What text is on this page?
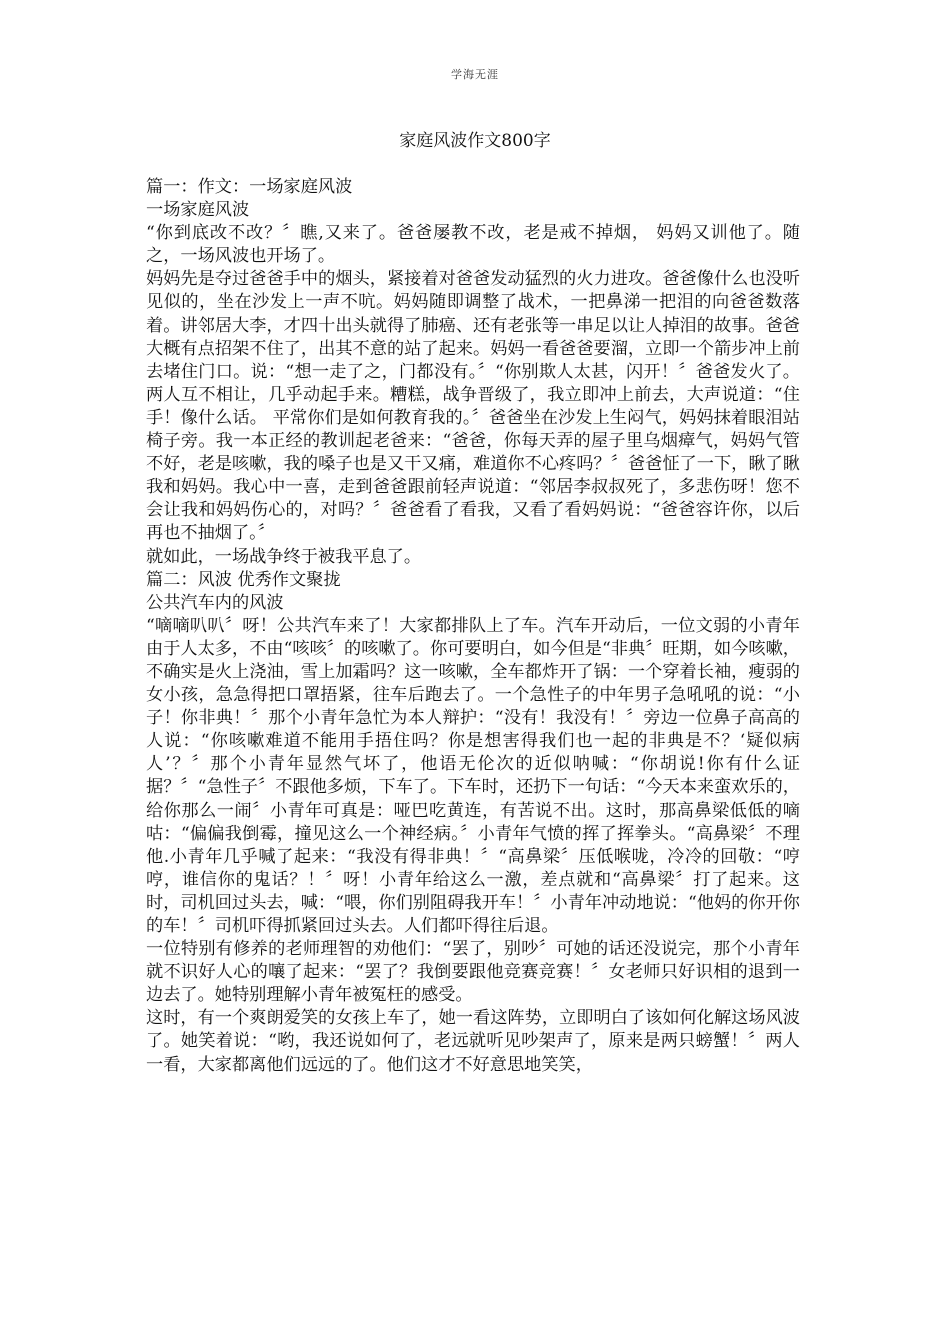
学海无涯
家庭风波作文800字

篇一：作文：一场家庭风波

一场家庭风波

“你到底改不改？〞瞧,又来了。爸爸屡教不改，老是戒不掉烟， 妈妈又训他了。随之，一场风波也开场了。

妈妈先是夺过爸爸手中的烟头，紧接着对爸爸发动猛烈的火力进攻。爸爸像什么也没听见似的，坐在沙发上一声不吭。妈妈随即调整了战术，一把鼻涕一把泪的向爸爸数落着。讲邻居大李，才四十出头就得了肺癌、还有老张等一串足以让人掉泪的故事。爸爸大概有点招架不住了，出其不意的站了起来。妈妈一看爸爸要溜，立即一个箭步冲上前去堵住门口。说：“想一走了之，门都没有。〞“你别欺人太甚，闪开！〞爸爸发火了。两人互不相让，几乎动起手来。糟糕，战争晋级了，我立即冲上前去，大声说道：“住手！像什么话。 平常你们是如何教育我的。〞爸爸坐在沙发上生闷气，妈妈抹着眼泪站椅子旁。我一本正经的教训起老爸来：“爸爸，你每天弄的屋子里乌烟瘴气，妈妈气管不好，老是咳嗽，我的嗓子也是又干又痛，难道你不心疼吗？〞爸爸怔了一下，瞅了瞅我和妈妈。我心中一喜，走到爸爸跟前轻声说道：“邻居李叔叔死了，多悲伤呀！您不会让我和妈妈伤心的，对吗？〞爸爸看了看我，又看了看妈妈说：“爸爸容许你，以后再也不抽烟了。〞

就如此，一场战争终于被我平息了。

篇二：风波 优秀作文聚拢

公共汽车内的风波

“嘀嘀叭叭〞呀！公共汽车来了！大家都排队上了车。汽车开动后，一位文弱的小青年由于人太多，不由“咳咳〞的咳嗽了。你可要明白，如今但是“非典〞旺期，如今咳嗽，不确实是火上浇油，雪上加霜吗？这一咳嗽，全车都炸开了锅：一个穿着长袖，瘦弱的女小孩，急急得把口罩捂紧，往车后跑去了。一个急性子的中年男子急吼吼的说：“小子！你非典！〞那个小青年急忙为本人辩护：“没有！我没有！〞旁边一位鼻子高高的人说：“你咳嗽难道不能用手捂住吗？你是想害得我们也一起的非典是不？‘疑似病人’？〞那个小青年显然气坏了，他语无伦次的近似呐喊：“你胡说!你有什么证据？〞“急性子〞不跟他多烦，下车了。下车时，还扔下一句话：“今天本来蛮欢乐的，给你那么一闹〞小青年可真是：哑巴吃黄连，有苦说不出。这时，那高鼻梁低低的嘀咕：“偏偏我倒霉，撞见这么一个神经病。〞小青年气愤的挥了挥拳头。“高鼻梁〞不理他.小青年几乎喊了起来：“我没有得非典！〞“高鼻梁〞压低喉咙，冷冷的回敬：“哼哼，谁信你的鬼话？！〞呀！小青年给这么一激，差点就和“高鼻梁〞打了起来。这时，司机回过头去，喊：“喂，你们别阻碍我开车！〞小青年冲动地说：“他妈的你开你的车！〞司机吓得抓紧回过头去。人们都吓得往后退。

一位特别有修养的老师理智的劝他们：“罢了，别吵〞可她的话还没说完，那个小青年就不识好人心的嚷了起来：“罢了？我倒要跟他竞赛竞赛！〞女老师只好识相的退到一边去了。她特别理解小青年被冤枉的感受。

这时，有一个爽朗爱笑的女孩上车了，她一看这阵势，立即明白了该如何化解这场风波了。她笑着说：“哟，我还说如何了，老远就听见吵架声了，原来是两只螃蟹！〞两人一看，大家都离他们远远的了。他们这才不好意思地笑笑，
